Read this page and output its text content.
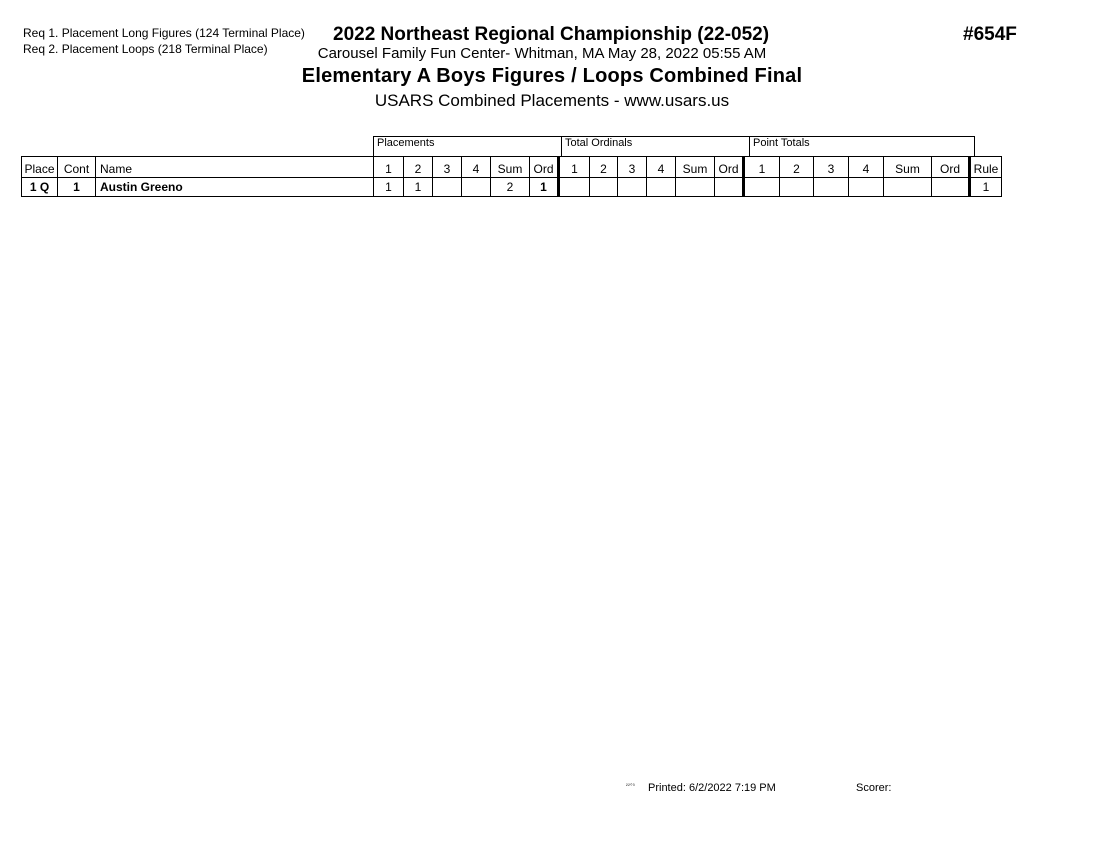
Req 1. Placement Long Figures (124 Terminal Place)
Req 2. Placement Loops (218 Terminal Place)
2022 Northeast Regional Championship (22-052)	#654F
Carousel Family Fun Center- Whitman, MA May 28, 2022 05:55 AM
Elementary A Boys Figures / Loops Combined Final
USARS Combined Placements - www.usars.us
Placements	Total Ordinals	Point Totals
Place	Cont	Name	1	2	3	4	Sum	Ord	1	2	3	4	Sum	Ord	1	2	3	4	Sum	Ord	Rule
1 Q	1	Austin Greeno	1	1			2	1													1
²²⁰³ Printed: 6/2/2022 7:19 PM	Scorer:
